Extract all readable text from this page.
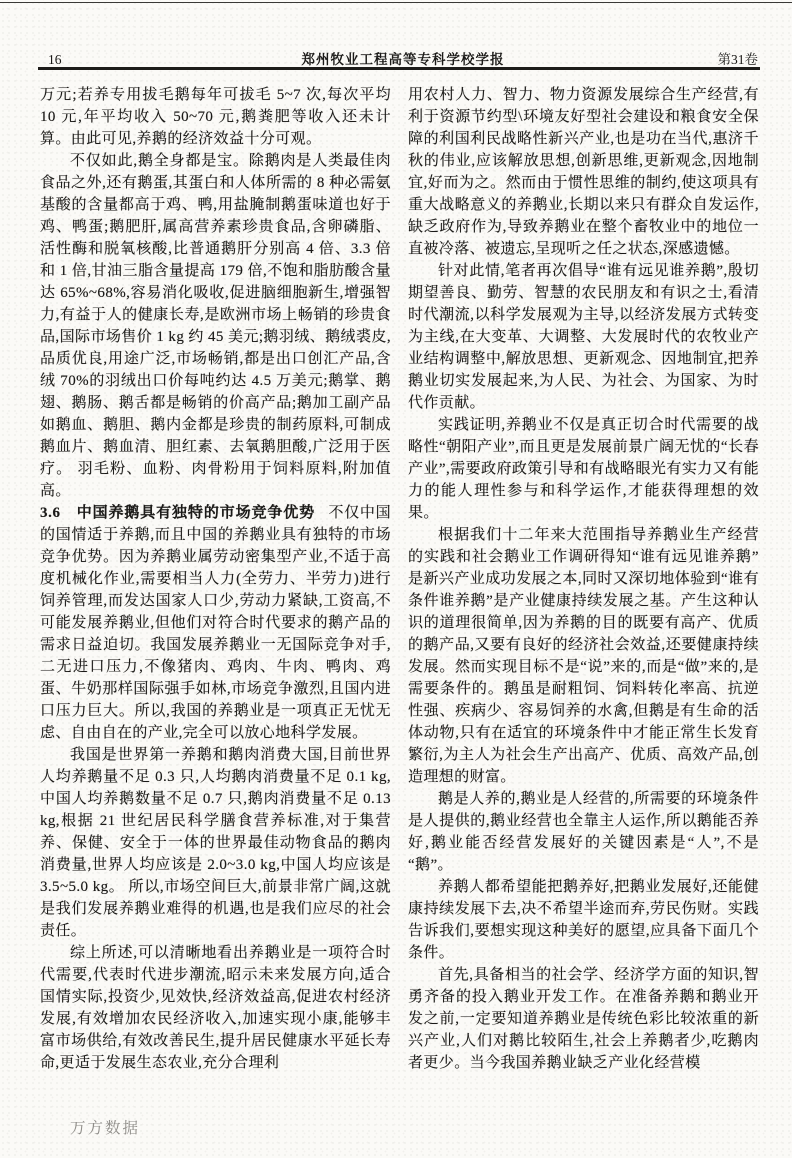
16	郑州牧业工程高等专科学校学报	第31卷

万元;若养专用拔毛鹅每年可拔毛 5~7 次,每次平均 10 元,年平均收入 50~70 元,鹅粪肥等收入还未计算。由此可见,养鹅的经济效益十分可观。

不仅如此,鹅全身都是宝。除鹅肉是人类最佳肉食品之外,还有鹅蛋,其蛋白和人体所需的 8 种必需氨基酸的含量都高于鸡、鸭,用盐腌制鹅蛋味道也好于鸡、鸭蛋;鹅肥肝,属高营养素珍贵食品,含卵磷脂、活性酶和脱氧核酸,比普通鹅肝分别高 4 倍、3.3 倍和 1 倍,甘油三脂含量提高 179 倍,不饱和脂肪酸含量达 65%~68%,容易消化吸收,促进脑细胞新生,增强智力,有益于人的健康长寿,是欧洲市场上畅销的珍贵食品,国际市场售价 1 kg 约 45 美元;鹅羽绒、鹅绒裘皮,品质优良,用途广泛,市场畅销,都是出口创汇产品,含绒 70%的羽绒出口价每吨约达 4.5 万美元;鹅掌、鹅翅、鹅肠、鹅舌都是畅销的价高产品;鹅加工副产品如鹅血、鹅胆、鹅内金都是珍贵的制药原料,可制成鹅血片、鹅血清、胆红素、去氧鹅胆酸,广泛用于医疗。 羽毛粉、血粉、肉骨粉用于饲料原料,附加值高。

3.6　中国养鹅具有独特的市场竞争优势 不仅中国的国情适于养鹅,而且中国的养鹅业具有独特的市场竞争优势。因为养鹅业属劳动密集型产业,不适于高度机械化作业,需要相当人力(全劳力、半劳力)进行饲养管理,而发达国家人口少,劳动力紧缺,工资高,不可能发展养鹅业,但他们对符合时代要求的鹅产品的需求日益迫切。我国发展养鹅业一无国际竞争对手,二无进口压力,不像猪肉、鸡肉、牛肉、鸭肉、鸡蛋、牛奶那样国际强手如林,市场竞争激烈,且国内进口压力巨大。所以,我国的养鹅业是一项真正无忧无虑、自由自在的产业,完全可以放心地科学发展。

我国是世界第一养鹅和鹅肉消费大国,目前世界人均养鹅量不足 0.3 只,人均鹅肉消费量不足 0.1 kg,中国人均养鹅数量不足 0.7 只,鹅肉消费量不足 0.13 kg,根据 21 世纪居民科学膳食营养标准,对于集营养、保健、安全于一体的世界最佳动物食品的鹅肉消费量,世界人均应该是 2.0~3.0 kg,中国人均应该是 3.5~5.0 kg。 所以,市场空间巨大,前景非常广阔,这就是我们发展养鹅业难得的机遇,也是我们应尽的社会责任。

综上所述,可以清晰地看出养鹅业是一项符合时代需要,代表时代进步潮流,昭示未来发展方向,适合国情实际,投资少,见效快,经济效益高,促进农村经济发展,有效增加农民经济收入,加速实现小康,能够丰富市场供给,有效改善民生,提升居民健康水平延长寿命,更适于发展生态农业,充分合理利

用农村人力、智力、物力资源发展综合生产经营,有利于资源节约型\环境友好型社会建设和粮食安全保障的利国利民战略性新兴产业,也是功在当代,惠济千秋的伟业,应该解放思想,创新思维,更新观念,因地制宜,好而为之。然而由于惯性思维的制约,使这项具有重大战略意义的养鹅业,长期以来只有群众自发运作,缺乏政府作为,导致养鹅业在整个畜牧业中的地位一直被冷落、被遗忘,呈现听之任之状态,深感遗憾。

针对此情,笔者再次倡导“谁有远见谁养鹅”,殷切期望善良、勤劳、智慧的农民朋友和有识之士,看清时代潮流,以科学发展观为主导,以经济发展方式转变为主线,在大变革、大调整、大发展时代的农牧业产业结构调整中,解放思想、更新观念、因地制宜,把养鹅业切实发展起来,为人民、为社会、为国家、为时代作贡献。

实践证明,养鹅业不仅是真正切合时代需要的战略性“朝阳产业”,而且更是发展前景广阔无忧的“长春产业”,需要政府政策引导和有战略眼光有实力又有能力的能人理性参与和科学运作,才能获得理想的效果。

根据我们十二年来大范围指导养鹅业生产经营的实践和社会鹅业工作调研得知“谁有远见谁养鹅”是新兴产业成功发展之本,同时又深切地体验到“谁有条件谁养鹅”是产业健康持续发展之基。产生这种认识的道理很简单,因为养鹅的目的既要有高产、优质的鹅产品,又要有良好的经济社会效益,还要健康持续发展。然而实现目标不是“说”来的,而是“做”来的,是需要条件的。鹅虽是耐粗饲、饲料转化率高、抗逆性强、疾病少、容易饲养的水禽,但鹅是有生命的活体动物,只有在适宜的环境条件中才能正常生长发育繁衍,为主人为社会生产出高产、优质、高效产品,创造理想的财富。

鹅是人养的,鹅业是人经营的,所需要的环境条件是人提供的,鹅业经营也全靠主人运作,所以鹅能否养好,鹅业能否经营发展好的关键因素是“人”,不是“鹅”。

养鹅人都希望能把鹅养好,把鹅业发展好,还能健康持续发展下去,决不希望半途而弃,劳民伤财。实践告诉我们,要想实现这种美好的愿望,应具备下面几个条件。

首先,具备相当的社会学、经济学方面的知识,智勇齐备的投入鹅业开发工作。在准备养鹅和鹅业开发之前,一定要知道养鹅业是传统色彩比较浓重的新兴产业,人们对鹅比较陌生,社会上养鹅者少,吃鹅肉者更少。当今我国养鹅业缺乏产业化经营模

万方数据
